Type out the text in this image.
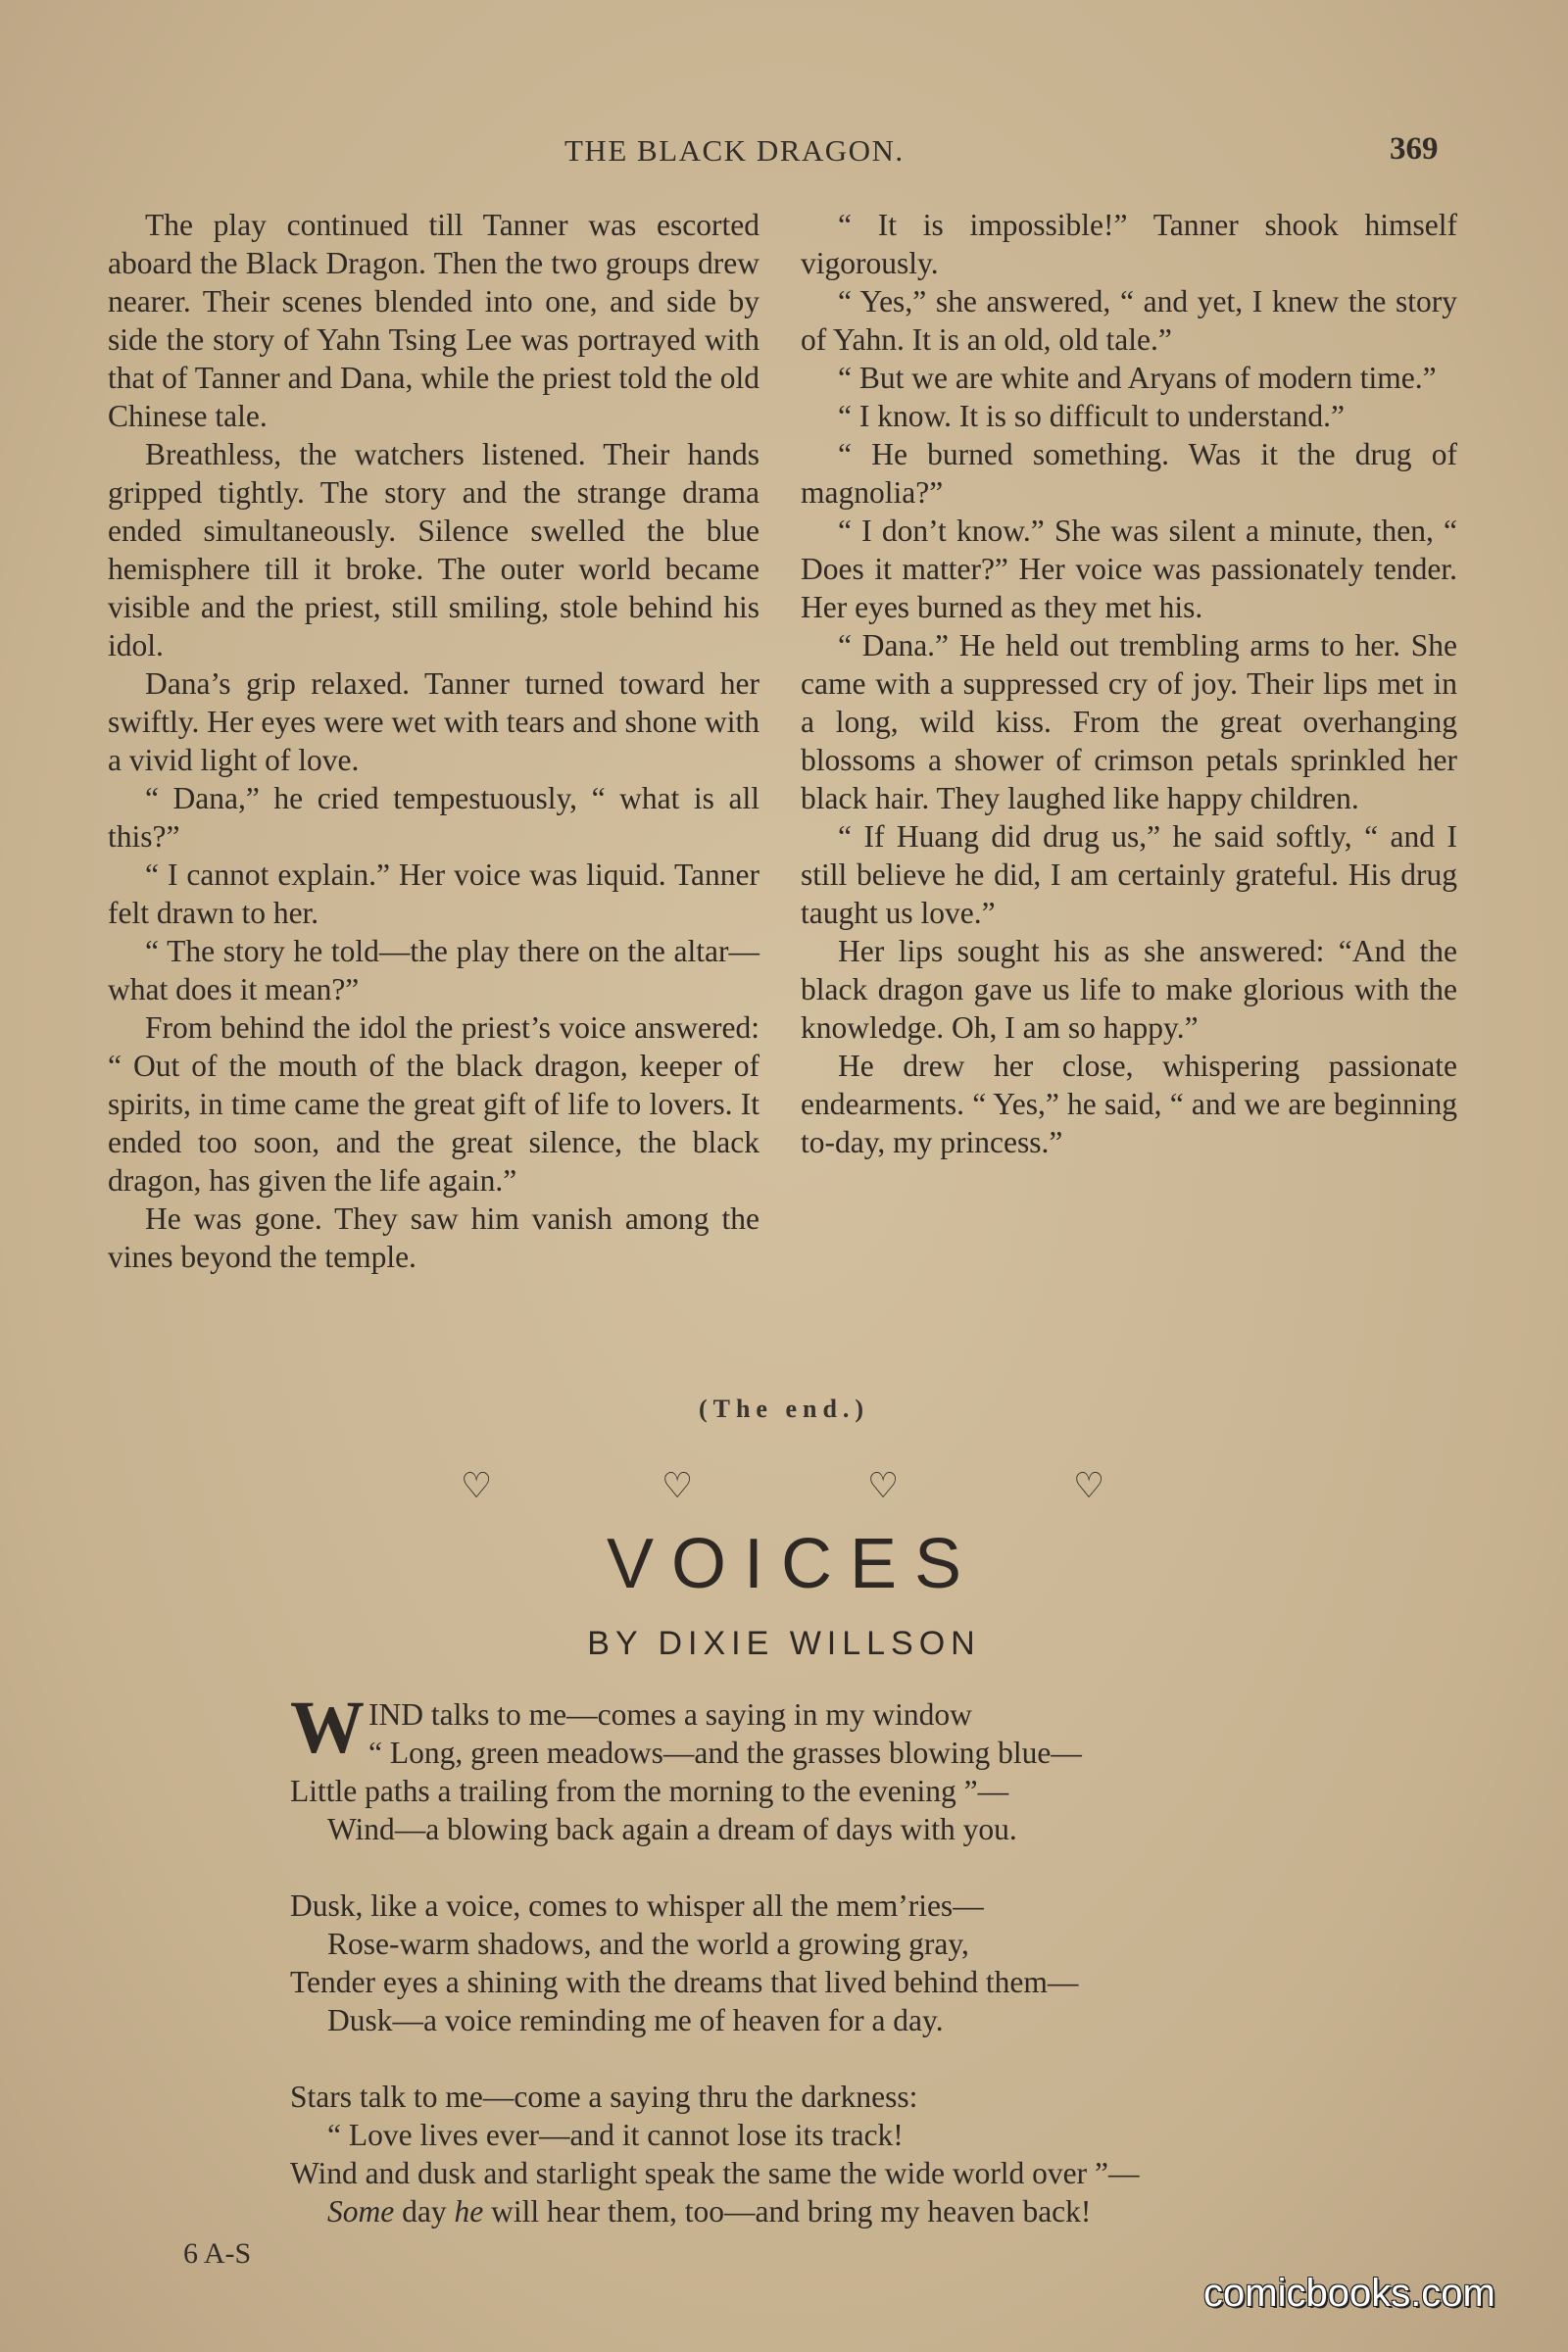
THE BLACK DRAGON.	369

The play continued till Tanner was escorted aboard the Black Dragon. Then the two groups drew nearer. Their scenes blended into one, and side by side the story of Yahn Tsing Lee was portrayed with that of Tanner and Dana, while the priest told the old Chinese tale.

Breathless, the watchers listened. Their hands gripped tightly. The story and the strange drama ended simultaneously. Silence swelled the blue hemisphere till it broke. The outer world became visible and the priest, still smiling, stole behind his idol.

Dana’s grip relaxed. Tanner turned toward her swiftly. Her eyes were wet with tears and shone with a vivid light of love.

“ Dana,” he cried tempestuously, “ what is all this?”

“ I cannot explain.” Her voice was liquid. Tanner felt drawn to her.

“ The story he told—the play there on the altar—what does it mean?”

From behind the idol the priest’s voice answered: “ Out of the mouth of the black dragon, keeper of spirits, in time came the great gift of life to lovers. It ended too soon, and the great silence, the black dragon, has given the life again.”

He was gone. They saw him vanish among the vines beyond the temple.

“ It is impossible!” Tanner shook himself vigorously.

“ Yes,” she answered, “ and yet, I knew the story of Yahn. It is an old, old tale.”

“ But we are white and Aryans of modern time.”

“ I know. It is so difficult to understand.”

“ He burned something. Was it the drug of magnolia?”

“ I don’t know.” She was silent a minute, then, “ Does it matter?” Her voice was passionately tender. Her eyes burned as they met his.

“ Dana.” He held out trembling arms to her. She came with a suppressed cry of joy. Their lips met in a long, wild kiss. From the great overhanging blossoms a shower of crimson petals sprinkled her black hair. They laughed like happy children.

“ If Huang did drug us,” he said softly, “ and I still believe he did, I am certainly grateful. His drug taught us love.”

Her lips sought his as she answered: “And the black dragon gave us life to make glorious with the knowledge. Oh, I am so happy.”

He drew her close, whispering passionate endearments. “ Yes,” he said, “ and we are beginning to-day, my princess.”

(The end.)
♡	♡	♡	♡
VOICES
BY DIXIE WILLSON
W IND talks to me—comes a saying in my window
“ Long, green meadows—and the grasses blowing blue—
Little paths a trailing from the morning to the evening ”—
Wind—a blowing back again a dream of days with you.
Dusk, like a voice, comes to whisper all the mem’ries—
Rose-warm shadows, and the world a growing gray,
Tender eyes a shining with the dreams that lived behind them—
Dusk—a voice reminding me of heaven for a day.
Stars talk to me—come a saying thru the darkness:
“ Love lives ever—and it cannot lose its track!
Wind and dusk and starlight speak the same the wide world over ”—
Some day he will hear them, too—and bring my heaven back!
6 A-S
comicbooks.com
